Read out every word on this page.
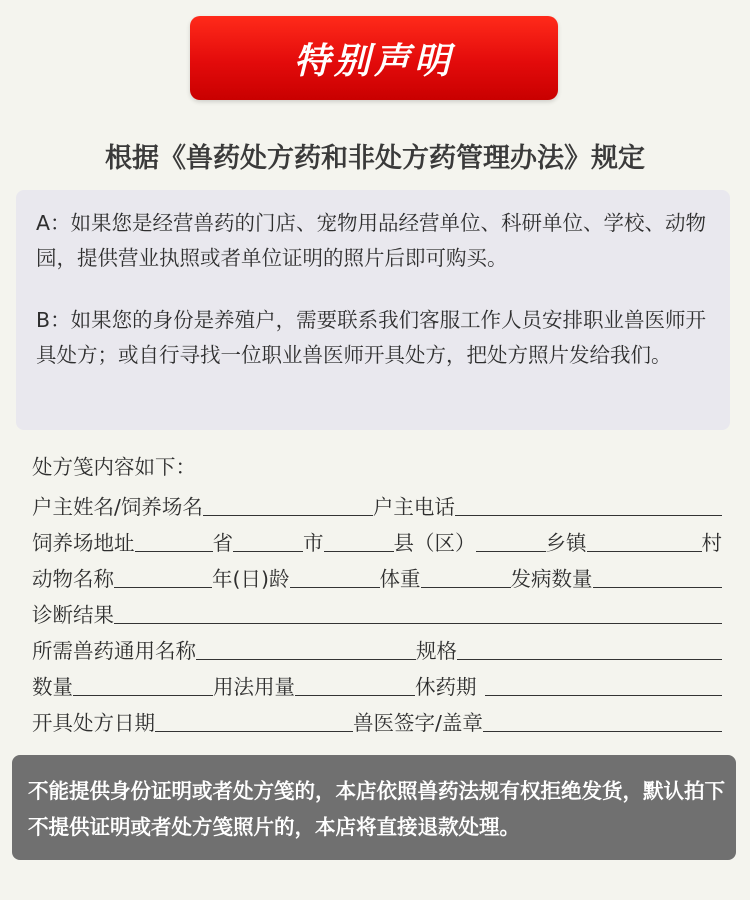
特别声明
根据《兽药处方药和非处方药管理办法》规定

A：如果您是经营兽药的门店、宠物用品经营单位、科研单位、学校、动物园，提供营业执照或者单位证明的照片后即可购买。

B：如果您的身份是养殖户，需要联系我们客服工作人员安排职业兽医师开具处方；或自行寻找一位职业兽医师开具处方，把处方照片发给我们。

处方笺内容如下：
户主姓名/饲养场名	户主电话
饲养场地址	省	市	县（区）	乡镇	村
动物名称	年(日)龄	体重	发病数量
诊断结果
所需兽药通用名称	规格
数量	用法用量	休药期
开具处方日期	兽医签字/盖章

不能提供身份证明或者处方笺的，本店依照兽药法规有权拒绝发货，默认拍下不提供证明或者处方笺照片的，本店将直接退款处理。
